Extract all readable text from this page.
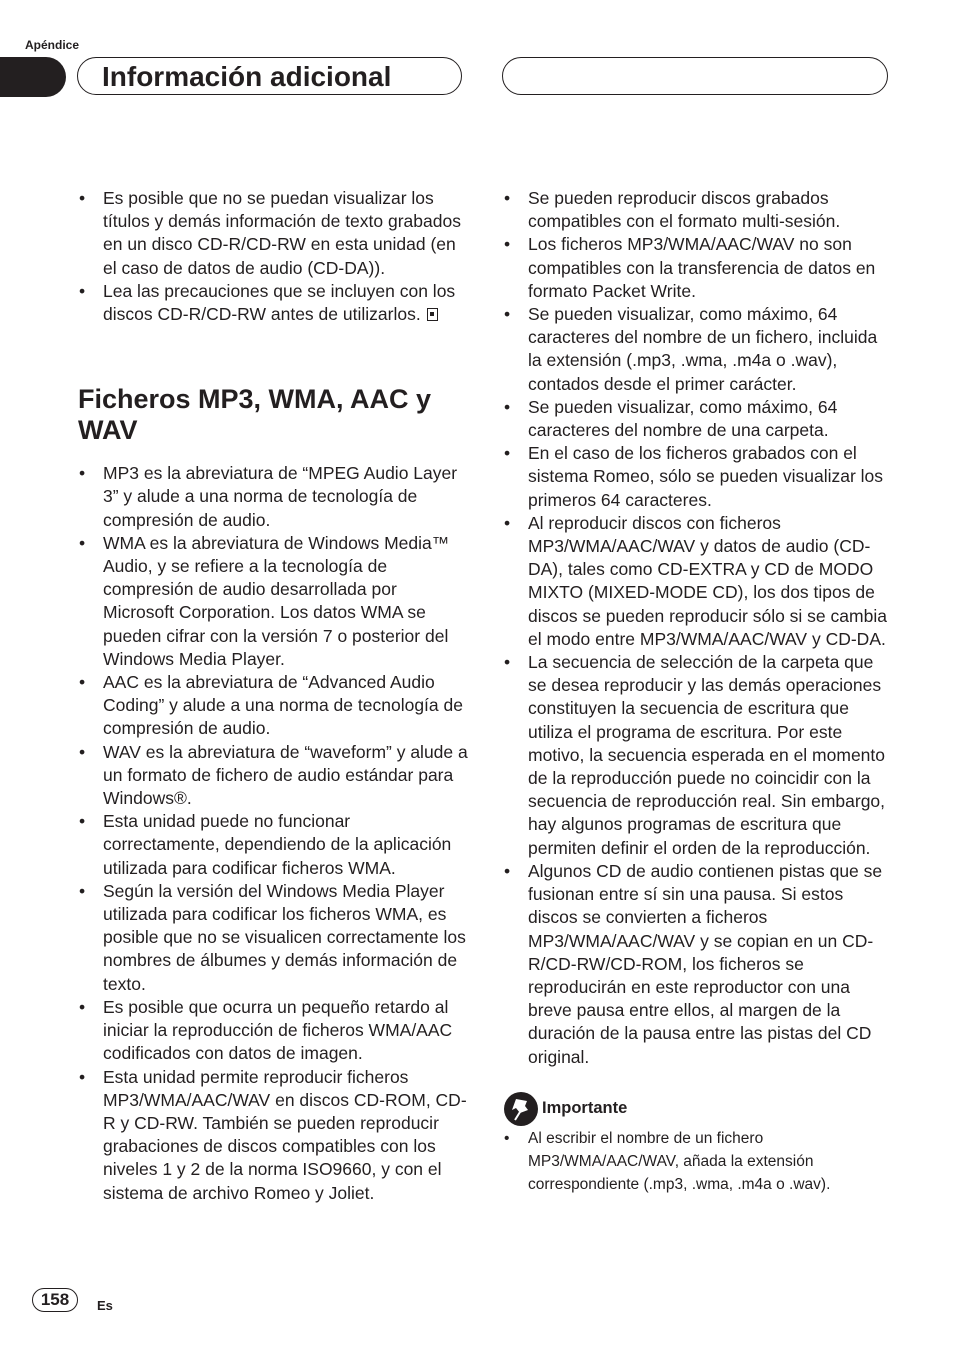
Apéndice
Información adicional
• Es posible que no se puedan visualizar los títulos y demás información de texto grabados en un disco CD-R/CD-RW en esta unidad (en el caso de datos de audio (CD-DA)).
• Lea las precauciones que se incluyen con los discos CD-R/CD-RW antes de utilizarlos.
Ficheros MP3, WMA, AAC y WAV
• MP3 es la abreviatura de “MPEG Audio Layer 3” y alude a una norma de tecnología de compresión de audio.
• WMA es la abreviatura de Windows Media™ Audio, y se refiere a la tecnología de compresión de audio desarrollada por Microsoft Corporation. Los datos WMA se pueden cifrar con la versión 7 o posterior del Windows Media Player.
• AAC es la abreviatura de “Advanced Audio Coding” y alude a una norma de tecnología de compresión de audio.
• WAV es la abreviatura de “waveform” y alude a un formato de fichero de audio estándar para Windows®.
• Esta unidad puede no funcionar correctamente, dependiendo de la aplicación utilizada para codificar ficheros WMA.
• Según la versión del Windows Media Player utilizada para codificar los ficheros WMA, es posible que no se visualicen correctamente los nombres de álbumes y demás información de texto.
• Es posible que ocurra un pequeño retardo al iniciar la reproducción de ficheros WMA/AAC codificados con datos de imagen.
• Esta unidad permite reproducir ficheros MP3/WMA/AAC/WAV en discos CD-ROM, CD-R y CD-RW. También se pueden reproducir grabaciones de discos compatibles con los niveles 1 y 2 de la norma ISO9660, y con el sistema de archivo Romeo y Joliet.
• Se pueden reproducir discos grabados compatibles con el formato multi-sesión.
• Los ficheros MP3/WMA/AAC/WAV no son compatibles con la transferencia de datos en formato Packet Write.
• Se pueden visualizar, como máximo, 64 caracteres del nombre de un fichero, incluida la extensión (.mp3, .wma, .m4a o .wav), contados desde el primer carácter.
• Se pueden visualizar, como máximo, 64 caracteres del nombre de una carpeta.
• En el caso de los ficheros grabados con el sistema Romeo, sólo se pueden visualizar los primeros 64 caracteres.
• Al reproducir discos con ficheros MP3/WMA/AAC/WAV y datos de audio (CD-DA), tales como CD-EXTRA y CD de MODO MIXTO (MIXED-MODE CD), los dos tipos de discos se pueden reproducir sólo si se cambia el modo entre MP3/WMA/AAC/WAV y CD-DA.
• La secuencia de selección de la carpeta que se desea reproducir y las demás operaciones constituyen la secuencia de escritura que utiliza el programa de escritura. Por este motivo, la secuencia esperada en el momento de la reproducción puede no coincidir con la secuencia de reproducción real. Sin embargo, hay algunos programas de escritura que permiten definir el orden de la reproducción.
• Algunos CD de audio contienen pistas que se fusionan entre sí sin una pausa. Si estos discos se convierten a ficheros MP3/WMA/AAC/WAV y se copian en un CD-R/CD-RW/CD-ROM, los ficheros se reproducirán en este reproductor con una breve pausa entre ellos, al margen de la duración de la pausa entre las pistas del CD original.
Importante
• Al escribir el nombre de un fichero MP3/WMA/AAC/WAV, añada la extensión correspondiente (.mp3, .wma, .m4a o .wav).
158	Es
